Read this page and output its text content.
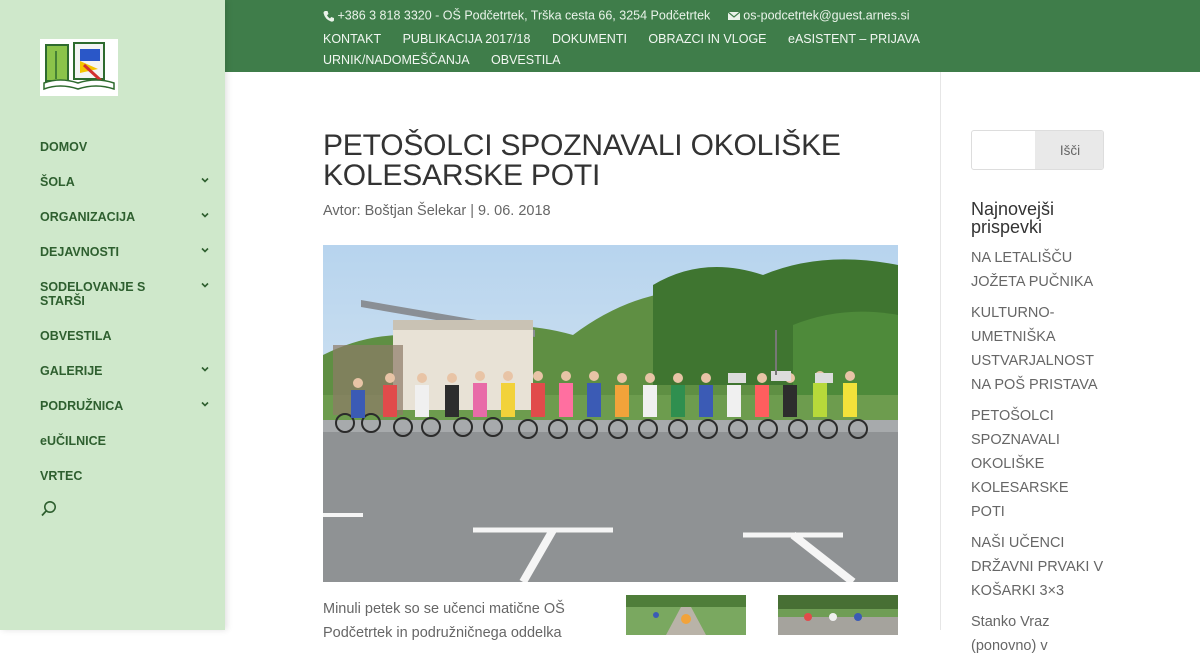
DOMOV
ŠOLA
ORGANIZACIJA
DEJAVNOSTI
SODELOVANJE S STARŠI
OBVESTILA
GALERIJE
PODRUŽNICA
eUČILNICE
VRTEC
+386 3 818 3320 - OŠ Podčetrtek, Trška cesta 66, 3254 Podčetrtek	os-podcetrtek@guest.arnes.si
KONTAKT PUBLIKACIJA 2017/18 DOKUMENTI OBRAZCI IN VLOGE eASISTENT – PRIJAVA URNIK/NADOMEŠČANJA OBVESTILA
PETOŠOLCI SPOZNAVALI OKOLIŠKE KOLESARSKE POTI
Avtor: Boštjan Šelekar | 9. 06. 2018

Minuli petek so se učenci matične OŠ Podčetrtek in podružničnega oddelka

Išči
Najnovejši prispevki
NA LETALIŠČU JOŽETA PUČNIKA
KULTURNO-UMETNIŠKA USTVARJALNOST NA POŠ PRISTAVA
PETOŠOLCI SPOZNAVALI OKOLIŠKE KOLESARSKE POTI
NAŠI UČENCI DRŽAVNI PRVAKI V KOŠARKI 3×3
Stanko Vraz (ponovno) v
